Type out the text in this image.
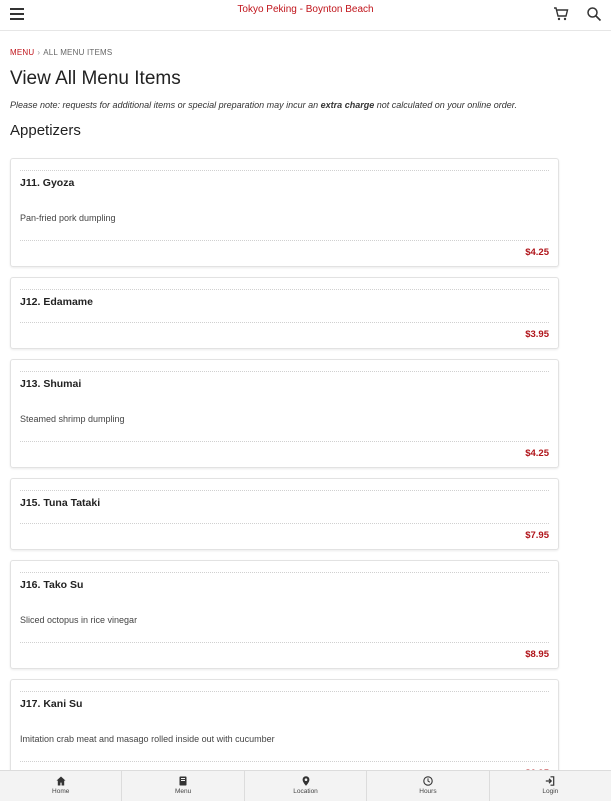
Tokyo Peking - Boynton Beach
MENU › ALL MENU ITEMS
View All Menu Items
Please note: requests for additional items or special preparation may incur an extra charge not calculated on your online order.
Appetizers
J11. Gyoza
Pan-fried pork dumpling
$4.25
J12. Edamame
$3.95
J13. Shumai
Steamed shrimp dumpling
$4.25
J15. Tuna Tataki
$7.95
J16. Tako Su
Sliced octopus in rice vinegar
$8.95
J17. Kani Su
Imitation crab meat and masago rolled inside out with cucumber
Home	Menu	Location	Hours	Login
